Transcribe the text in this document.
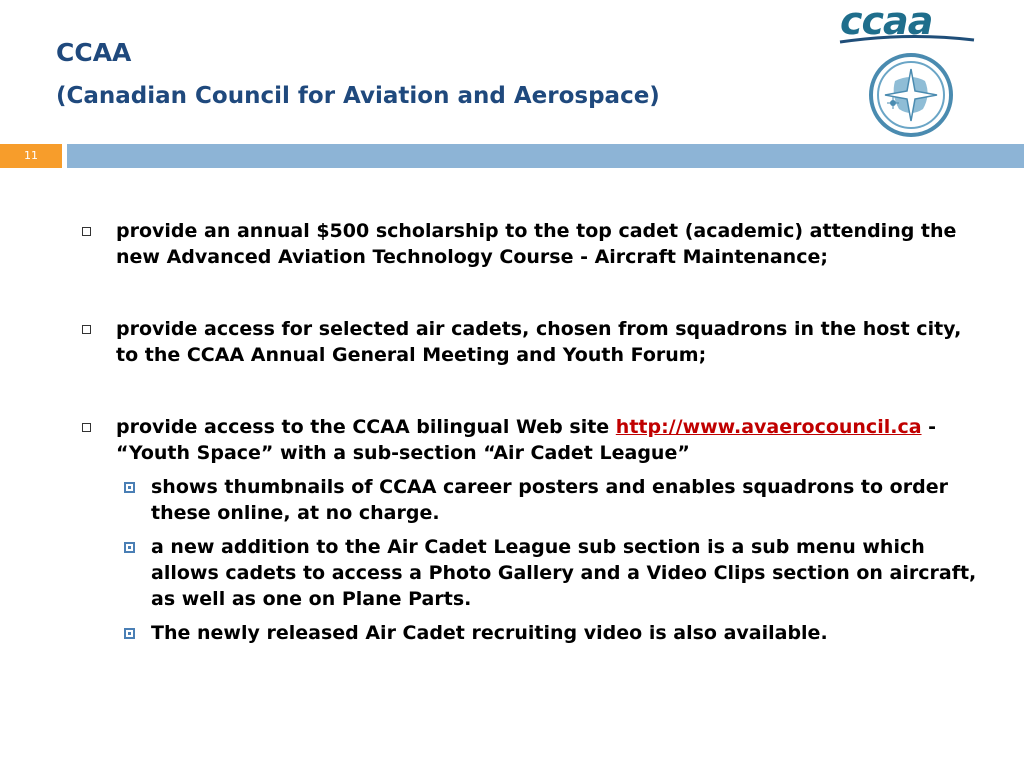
CCAA
(Canadian Council for Aviation and Aerospace)
ccaa
11
provide an annual $500 scholarship to the top cadet (academic) attending the new Advanced Aviation Technology Course - Aircraft Maintenance;
provide access for selected air cadets, chosen from squadrons in the host city, to the CCAA Annual General Meeting and Youth Forum;
provide access to the CCAA bilingual Web site http://www.avaerocouncil.ca - “Youth Space” with a sub-section “Air Cadet League”
shows thumbnails of CCAA career posters and enables squadrons to order these online, at no charge.
a new addition to the Air Cadet League sub section is a sub menu which allows cadets to access a Photo Gallery and a Video Clips section on aircraft, as well as one on Plane Parts.
The newly released Air Cadet recruiting video is also available.
